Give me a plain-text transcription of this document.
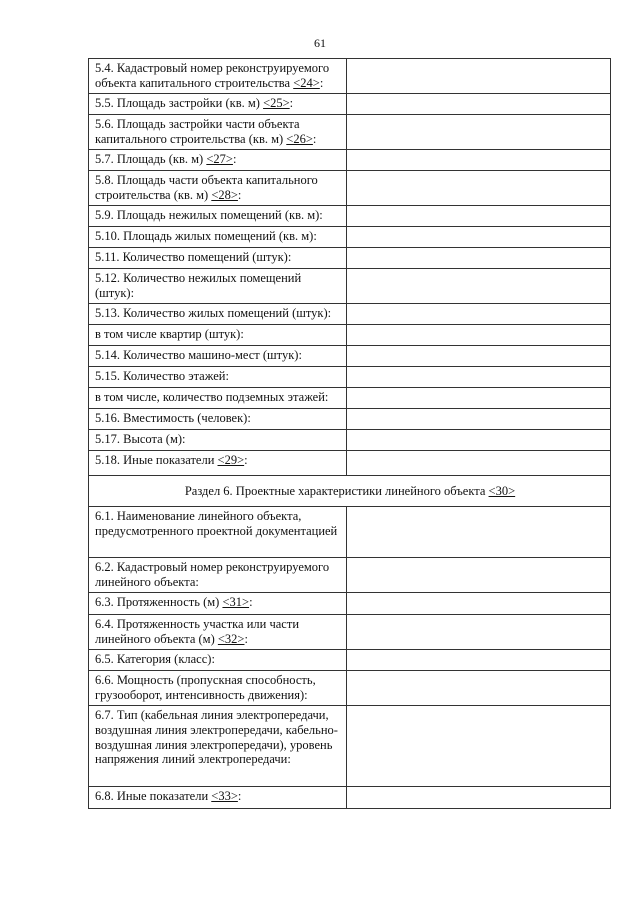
61
5.4. Кадастровый номер реконструируемого объекта капитального строительства <24>:	
5.5. Площадь застройки (кв. м) <25>:	
5.6. Площадь застройки части объекта капитального строительства (кв. м) <26>:	
5.7. Площадь (кв. м) <27>:	
5.8. Площадь части объекта капитального строительства (кв. м) <28>:	
5.9. Площадь нежилых помещений (кв. м):	
5.10. Площадь жилых помещений (кв. м):	
5.11. Количество помещений (штук):	
5.12. Количество нежилых помещений (штук):	
5.13. Количество жилых помещений (штук):	
в том числе квартир (штук):	
5.14. Количество машино-мест (штук):	
5.15. Количество этажей:	
в том числе, количество подземных этажей:	
5.16. Вместимость (человек):	
5.17. Высота (м):	
5.18. Иные показатели <29>:	
Раздел 6. Проектные характеристики линейного объекта <30>	
6.1. Наименование линейного объекта, предусмотренного проектной документацией	
6.2. Кадастровый номер реконструируемого линейного объекта:	
6.3. Протяженность (м) <31>:	
6.4. Протяженность участка или части линейного объекта (м) <32>:	
6.5. Категория (класс):	
6.6. Мощность (пропускная способность, грузооборот, интенсивность движения):	
6.7. Тип (кабельная линия электропередачи, воздушная линия электропередачи, кабельно-воздушная линия электропередачи), уровень напряжения линий электропередачи:	
6.8. Иные показатели <33>:	
